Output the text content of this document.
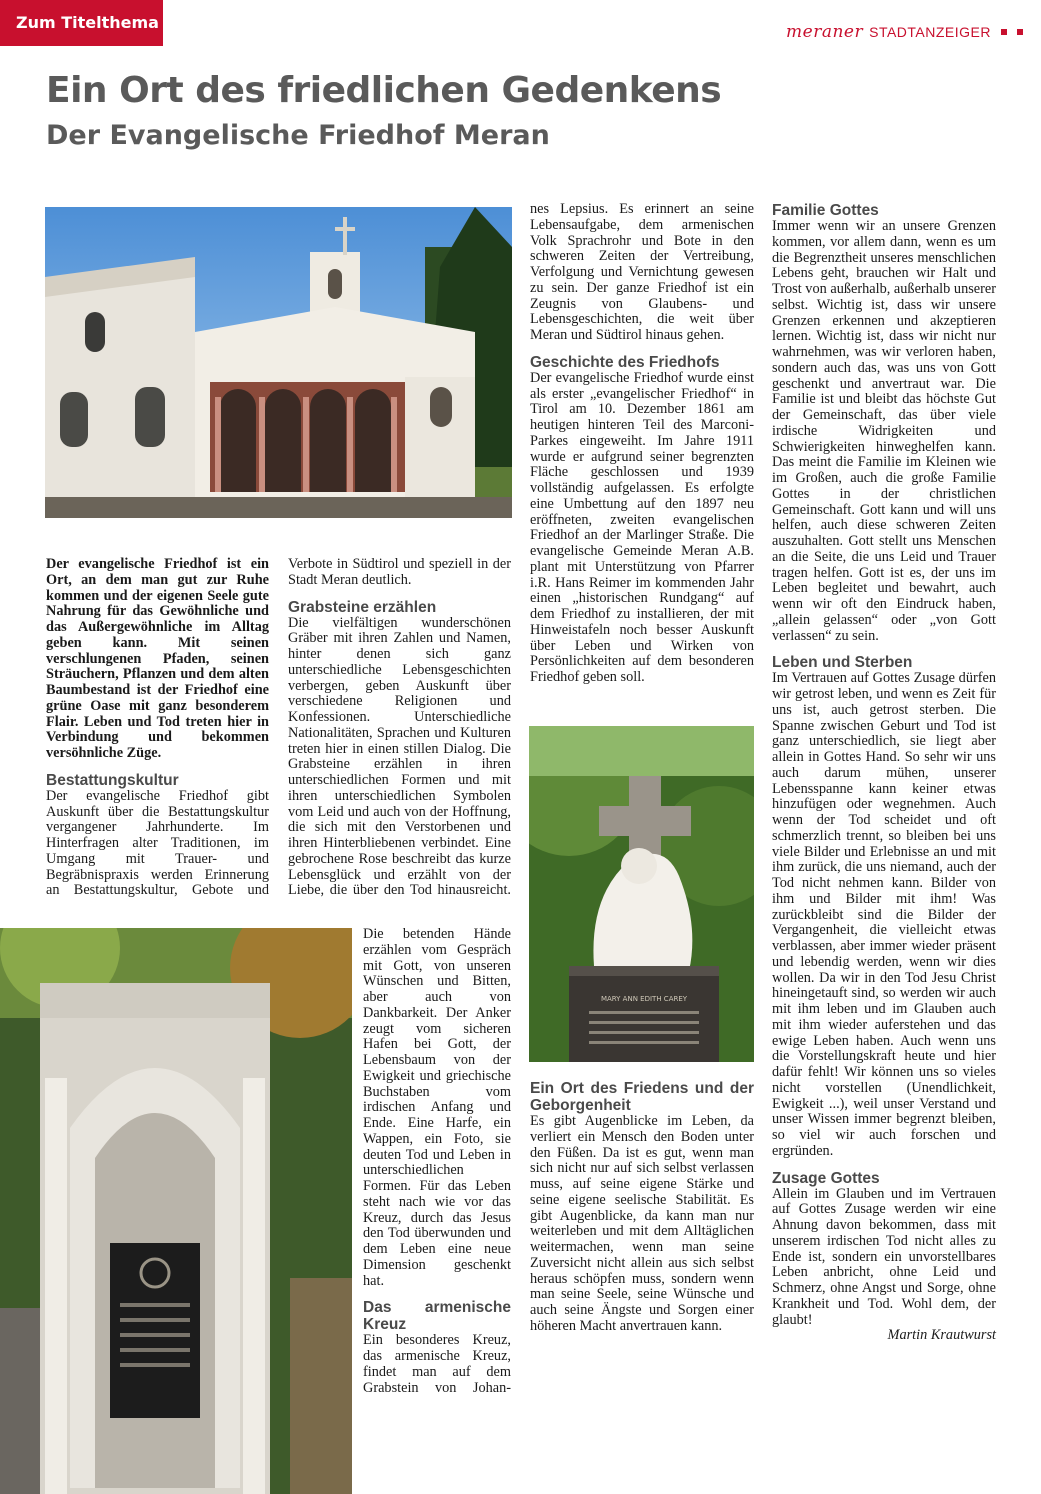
Zum Titelthema	meraner STADTANZEIGER
Ein Ort des friedlichen Gedenkens
Der Evangelische Friedhof Meran
MARY ANN EDITH CAREY

Der evangelische Friedhof ist ein Ort, an dem man gut zur Ruhe kommen und der eigenen Seele gute Nahrung für das Gewöhnliche und das Außergewöhnliche im Alltag geben kann. Mit seinen verschlungenen Pfaden, seinen Sträuchern, Pflanzen und dem alten Baumbestand ist der Friedhof eine grüne Oase mit ganz besonderem Flair. Leben und Tod treten hier in Verbindung und bekommen versöhnliche Züge.

Bestattungskultur

Der evangelische Friedhof gibt Auskunft über die Bestattungskultur vergangener Jahrhunderte. Im Hinterfragen alter Traditionen, im Umgang mit Trauer- und Begräbnispraxis werden Erinnerung an Bestattungskultur, Gebote und

Verbote in Südtirol und speziell in der Stadt Meran deutlich.

Grabsteine erzählen

Die vielfältigen wunderschönen Gräber mit ihren Zahlen und Namen, hinter denen sich ganz unterschiedliche Lebensgeschichten verbergen, geben Auskunft über verschiedene Religionen und Konfessionen. Unterschiedliche Nationalitäten, Sprachen und Kulturen treten hier in einen stillen Dialog. Die Grabsteine erzählen in ihren unterschiedlichen Formen und mit ihren unterschiedlichen Symbolen vom Leid und auch von der Hoffnung, die sich mit den Verstorbenen und ihren Hinterbliebenen verbindet. Eine gebrochene Rose beschreibt das kurze Lebensglück und erzählt von der Liebe, die über den Tod hinausreicht.

Die betenden Hände erzählen vom Gespräch mit Gott, von unseren Wünschen und Bitten, aber auch von Dankbarkeit. Der Anker zeugt vom sicheren Hafen bei Gott, der Lebensbaum von der Ewigkeit und griechische Buchstaben vom irdischen Anfang und Ende. Eine Harfe, ein Wappen, ein Foto, sie deuten Tod und Leben in unterschiedlichen Formen. Für das Leben steht nach wie vor das Kreuz, durch das Jesus den Tod überwunden und dem Leben eine neue Dimension geschenkt hat.

Das armenische Kreuz

Ein besonderes Kreuz, das armenische Kreuz, findet man auf dem Grabstein von Johan-

nes Lepsius. Es erinnert an seine Lebensaufgabe, dem armenischen Volk Sprachrohr und Bote in den schweren Zeiten der Vertreibung, Verfolgung und Vernichtung gewesen zu sein. Der ganze Friedhof ist ein Zeugnis von Glaubens- und Lebensgeschichten, die weit über Meran und Südtirol hinaus gehen.

Geschichte des Friedhofs

Der evangelische Friedhof wurde einst als erster „evangelischer Friedhof“ in Tirol am 10. Dezember 1861 am heutigen hinteren Teil des Marconi-Parkes eingeweiht. Im Jahre 1911 wurde er aufgrund seiner begrenzten Fläche geschlossen und 1939 vollständig aufgelassen. Es erfolgte eine Umbettung auf den 1897 neu eröffneten, zweiten evangelischen Friedhof an der Marlinger Straße. Die evangelische Gemeinde Meran A.B. plant mit Unterstützung von Pfarrer i.R. Hans Reimer im kommenden Jahr einen „historischen Rundgang“ auf dem Friedhof zu installieren, der mit Hinweistafeln noch besser Auskunft über Leben und Wirken von Persönlichkeiten auf dem besonderen Friedhof geben soll.

Ein Ort des Friedens und der Geborgenheit

Es gibt Augenblicke im Leben, da verliert ein Mensch den Boden unter den Füßen. Da ist es gut, wenn man sich nicht nur auf sich selbst verlassen muss, auf seine eigene Stärke und seine eigene seelische Stabilität. Es gibt Augenblicke, da kann man nur weiterleben und mit dem Alltäglichen weitermachen, wenn man seine Zuversicht nicht allein aus sich selbst heraus schöpfen muss, sondern wenn man seine Seele, seine Wünsche und auch seine Ängste und Sorgen einer höheren Macht anvertrauen kann.

Familie Gottes

Immer wenn wir an unsere Grenzen kommen, vor allem dann, wenn es um die Begrenztheit unseres menschlichen Lebens geht, brauchen wir Halt und Trost von außerhalb, außerhalb unserer selbst. Wichtig ist, dass wir unsere Grenzen erkennen und akzeptieren lernen. Wichtig ist, dass wir nicht nur wahrnehmen, was wir verloren haben, sondern auch das, was uns von Gott geschenkt und anvertraut war. Die Familie ist und bleibt das höchste Gut der Gemeinschaft, das über viele irdische Widrigkeiten und Schwierigkeiten hinweghelfen kann. Das meint die Familie im Kleinen wie im Großen, auch die große Familie Gottes in der christlichen Gemeinschaft. Gott kann und will uns helfen, auch diese schweren Zeiten auszuhalten. Gott stellt uns Menschen an die Seite, die uns Leid und Trauer tragen helfen. Gott ist es, der uns im Leben begleitet und bewahrt, auch wenn wir oft den Eindruck haben, „allein gelassen“ oder „von Gott verlassen“ zu sein.

Leben und Sterben

Im Vertrauen auf Gottes Zusage dürfen wir getrost leben, und wenn es Zeit für uns ist, auch getrost sterben. Die Spanne zwischen Geburt und Tod ist ganz unterschiedlich, sie liegt aber allein in Gottes Hand. So sehr wir uns auch darum mühen, unserer Lebensspanne kann keiner etwas hinzufügen oder wegnehmen. Auch wenn der Tod scheidet und oft schmerzlich trennt, so bleiben bei uns viele Bilder und Erlebnisse an und mit ihm zurück, die uns niemand, auch der Tod nicht nehmen kann. Bilder von ihm und Bilder mit ihm! Was zurückbleibt sind die Bilder der Vergangenheit, die vielleicht etwas verblassen, aber immer wieder präsent und lebendig werden, wenn wir dies wollen. Da wir in den Tod Jesu Christ hineingetauft sind, so werden wir auch mit ihm leben und im Glauben auch mit ihm wieder auferstehen und das ewige Leben haben. Auch wenn uns die Vorstellungskraft heute und hier dafür fehlt! Wir können uns so vieles nicht vorstellen (Unendlichkeit, Ewigkeit ...), weil unser Verstand und unser Wissen immer begrenzt bleiben, so viel wir auch forschen und ergründen.

Zusage Gottes

Allein im Glauben und im Vertrauen auf Gottes Zusage werden wir eine Ahnung davon bekommen, dass mit unserem irdischen Tod nicht alles zu Ende ist, sondern ein unvorstellbares Leben anbricht, ohne Leid und Schmerz, ohne Angst und Sorge, ohne Krankheit und Tod. Wohl dem, der glaubt!

Martin Krautwurst
